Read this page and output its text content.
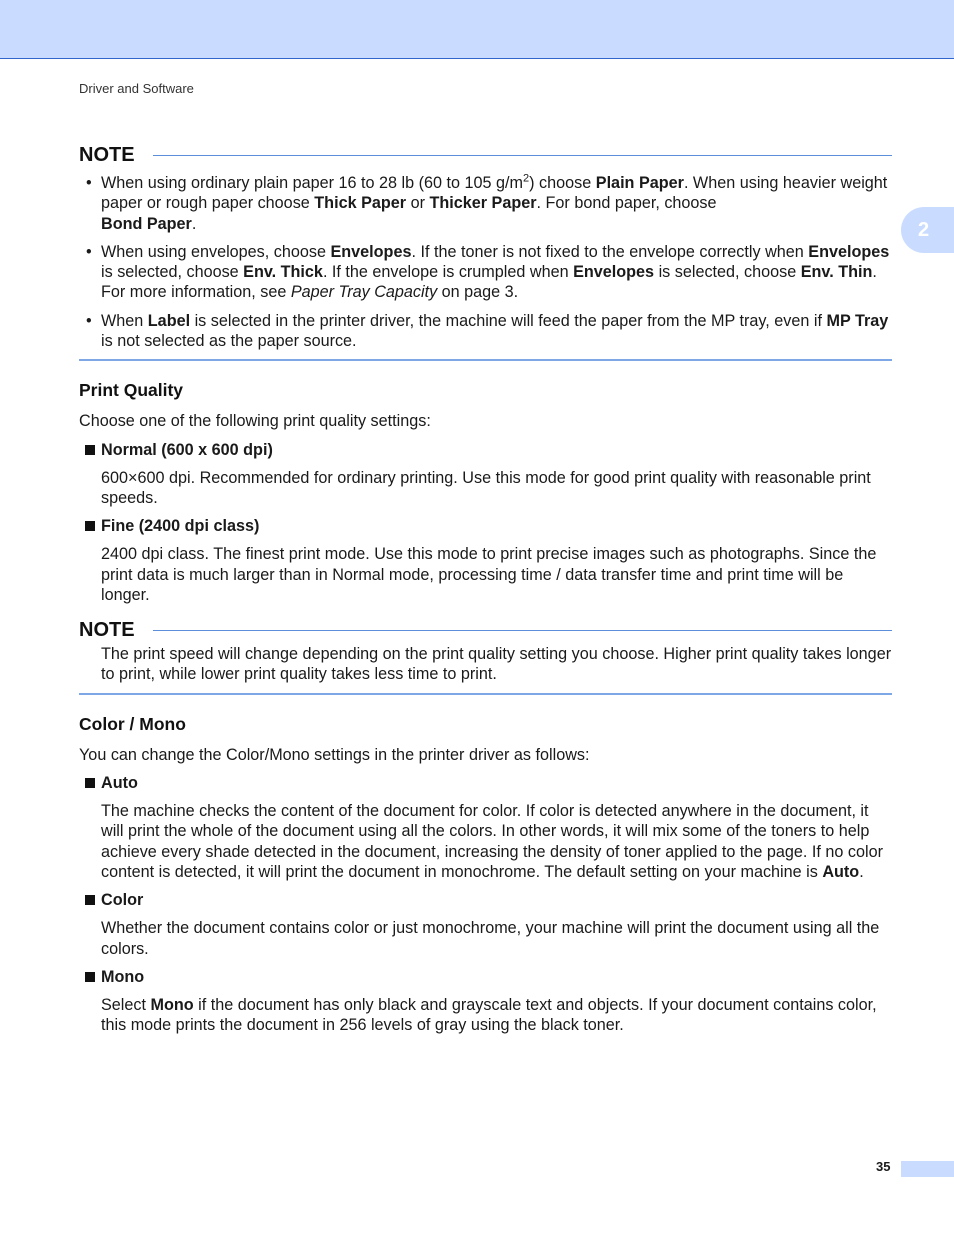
Driver and Software
2
NOTE
• When using ordinary plain paper 16 to 28 lb (60 to 105 $g/m^2$) choose Plain Paper. When using heavier weight paper or rough paper choose Thick Paper or Thicker Paper. For bond paper, choose
Bond Paper.
• When using envelopes, choose Envelopes. If the toner is not fixed to the envelope correctly when Envelopes is selected, choose Env. Thick. If the envelope is crumpled when Envelopes is selected, choose Env. Thin. For more information, see Paper Tray Capacity on page 3.
• When Label is selected in the printer driver, the machine will feed the paper from the MP tray, even if MP Tray is not selected as the paper source.
Print Quality

Choose one of the following print quality settings:

Normal (600 x 600 dpi)

600×600 dpi. Recommended for ordinary printing. Use this mode for good print quality with reasonable print speeds.

Fine (2400 dpi class)

2400 dpi class. The finest print mode. Use this mode to print precise images such as photographs. Since the print data is much larger than in Normal mode, processing time / data transfer time and print time will be longer.

NOTE

The print speed will change depending on the print quality setting you choose. Higher print quality takes longer to print, while lower print quality takes less time to print.

Color / Mono

You can change the Color/Mono settings in the printer driver as follows:

Auto

The machine checks the content of the document for color. If color is detected anywhere in the document, it will print the whole of the document using all the colors. In other words, it will mix some of the toners to help achieve every shade detected in the document, increasing the density of toner applied to the page. If no color content is detected, it will print the document in monochrome. The default setting on your machine is Auto.

Color

Whether the document contains color or just monochrome, your machine will print the document using all the colors.

Mono

Select Mono if the document has only black and grayscale text and objects. If your document contains color, this mode prints the document in 256 levels of gray using the black toner.

35
